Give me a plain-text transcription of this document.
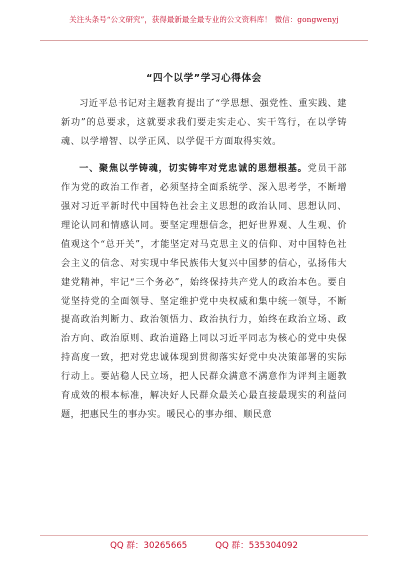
关注头条号“公文研究”，获得最新最全最专业的公文资料库！ 微信：gongwenyj
“四个以学”学习心得体会

习近平总书记对主题教育提出了“学思想、强党性、重实践、建新功”的总要求，这就要求我们要走实走心、实干笃行，在以学铸魂、以学增智、以学正风、以学促干方面取得实效。

一、聚焦以学铸魂，切实铸牢对党忠诚的思想根基。党员干部作为党的政治工作者，必须坚持全面系统学、深入思考学，不断增强对习近平新时代中国特色社会主义思想的政治认同、思想认同、理论认同和情感认同。要坚定理想信念，把好世界观、人生观、价值观这个“总开关”，才能坚定对马克思主义的信仰、对中国特色社会主义的信念、对实现中华民族伟大复兴中国梦的信心，弘扬伟大建党精神，牢记“三个务必”，始终保持共产党人的政治本色。要自觉坚持党的全面领导、坚定维护党中央权威和集中统一领导，不断提高政治判断力、政治领悟力、政治执行力，始终在政治立场、政治方向、政治原则、政治道路上同以习近平同志为核心的党中央保持高度一致，把对党忠诚体现到贯彻落实好党中央决策部署的实际行动上。要站稳人民立场，把人民群众满意不满意作为评判主题教育成效的根本标准，解决好人民群众最关心最直接最现实的利益问题，把惠民生的事办实。暖民心的事办细、顺民意

QQ 群：30265665	QQ 群：535304092
